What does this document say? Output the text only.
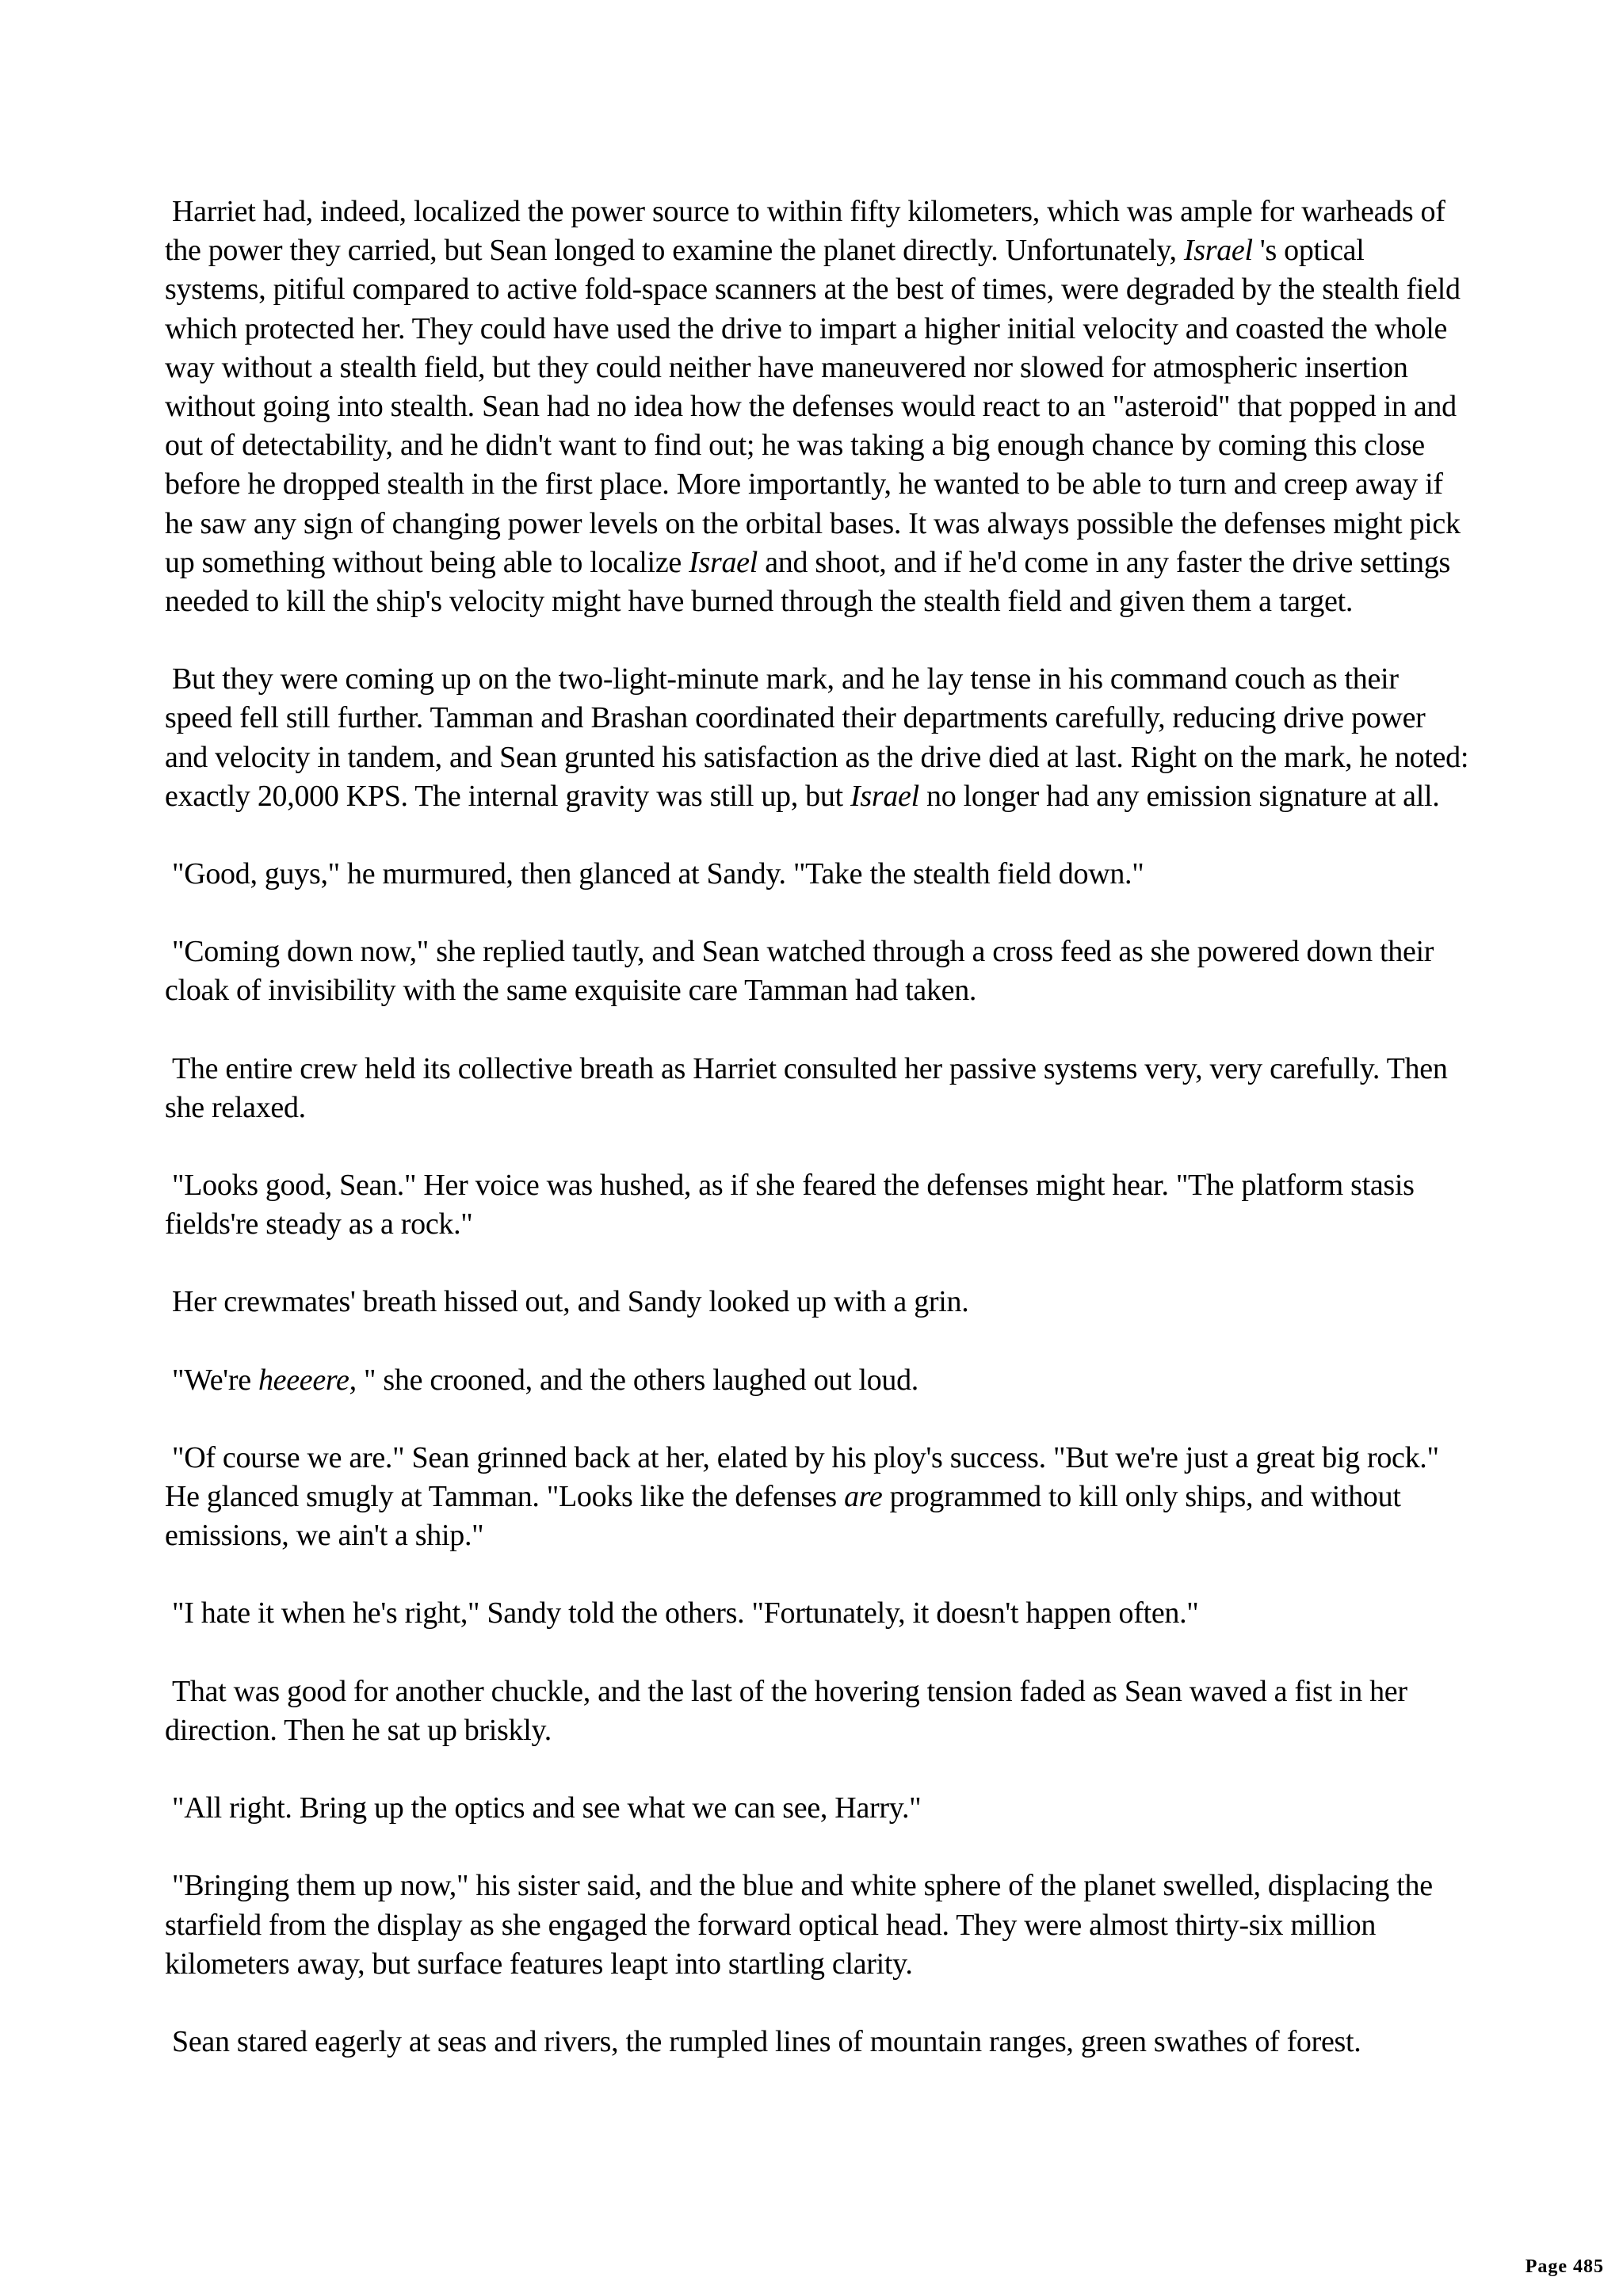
Harriet had, indeed, localized the power source to within fifty kilometers, which was ample for warheads of the power they carried, but Sean longed to examine the planet directly. Unfortunately, Israel 's optical systems, pitiful compared to active fold-space scanners at the best of times, were degraded by the stealth field which protected her. They could have used the drive to impart a higher initial velocity and coasted the whole way without a stealth field, but they could neither have maneuvered nor slowed for atmospheric insertion without going into stealth. Sean had no idea how the defenses would react to an "asteroid" that popped in and out of detectability, and he didn't want to find out; he was taking a big enough chance by coming this close before he dropped stealth in the first place. More importantly, he wanted to be able to turn and creep away if he saw any sign of changing power levels on the orbital bases. It was always possible the defenses might pick up something without being able to localize Israel and shoot, and if he'd come in any faster the drive settings needed to kill the ship's velocity might have burned through the stealth field and given them a target.

But they were coming up on the two-light-minute mark, and he lay tense in his command couch as their speed fell still further. Tamman and Brashan coordinated their departments carefully, reducing drive power and velocity in tandem, and Sean grunted his satisfaction as the drive died at last. Right on the mark, he noted: exactly 20,000 KPS. The internal gravity was still up, but Israel no longer had any emission signature at all.

"Good, guys," he murmured, then glanced at Sandy. "Take the stealth field down."

"Coming down now," she replied tautly, and Sean watched through a cross feed as she powered down their cloak of invisibility with the same exquisite care Tamman had taken.

The entire crew held its collective breath as Harriet consulted her passive systems very, very carefully. Then she relaxed.

"Looks good, Sean." Her voice was hushed, as if she feared the defenses might hear. "The platform stasis fields're steady as a rock."

Her crewmates' breath hissed out, and Sandy looked up with a grin.

"We're heeeere, " she crooned, and the others laughed out loud.

"Of course we are." Sean grinned back at her, elated by his ploy's success. "But we're just a great big rock." He glanced smugly at Tamman. "Looks like the defenses are programmed to kill only ships, and without emissions, we ain't a ship."

"I hate it when he's right," Sandy told the others. "Fortunately, it doesn't happen often."

That was good for another chuckle, and the last of the hovering tension faded as Sean waved a fist in her direction. Then he sat up briskly.

"All right. Bring up the optics and see what we can see, Harry."

"Bringing them up now," his sister said, and the blue and white sphere of the planet swelled, displacing the starfield from the display as she engaged the forward optical head. They were almost thirty-six million kilometers away, but surface features leapt into startling clarity.

Sean stared eagerly at seas and rivers, the rumpled lines of mountain ranges, green swathes of forest.

Page 485
